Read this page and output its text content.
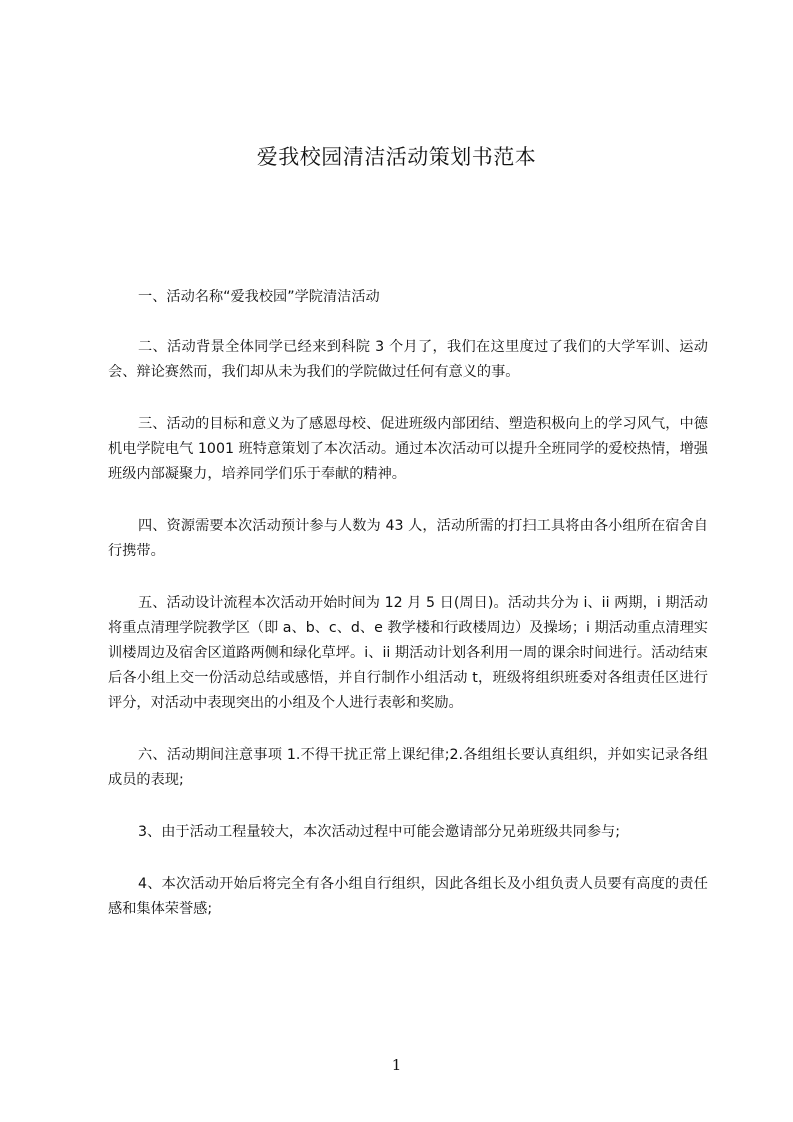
爱我校园清洁活动策划书范本

一、活动名称“爱我校园”学院清洁活动

二、活动背景全体同学已经来到科院 3 个月了，我们在这里度过了我们的大学军训、运动会、辩论赛然而，我们却从未为我们的学院做过任何有意义的事。

三、活动的目标和意义为了感恩母校、促进班级内部团结、塑造积极向上的学习风气，中德机电学院电气 1001 班特意策划了本次活动。通过本次活动可以提升全班同学的爱校热情，增强班级内部凝聚力，培养同学们乐于奉献的精神。

四、资源需要本次活动预计参与人数为 43 人，活动所需的打扫工具将由各小组所在宿舍自行携带。

五、活动设计流程本次活动开始时间为 12 月 5 日(周日)。活动共分为 i、ii 两期，i 期活动将重点清理学院教学区（即 a、b、c、d、e 教学楼和行政楼周边）及操场；i 期活动重点清理实训楼周边及宿舍区道路两侧和绿化草坪。i、ii 期活动计划各利用一周的课余时间进行。活动结束后各小组上交一份活动总结或感悟，并自行制作小组活动 t，班级将组织班委对各组责任区进行评分，对活动中表现突出的小组及个人进行表彰和奖励。

六、活动期间注意事项 1.不得干扰正常上课纪律;2.各组组长要认真组织，并如实记录各组成员的表现;

3、由于活动工程量较大，本次活动过程中可能会邀请部分兄弟班级共同参与;

4、本次活动开始后将完全有各小组自行组织，因此各组长及小组负责人员要有高度的责任感和集体荣誉感;

1
